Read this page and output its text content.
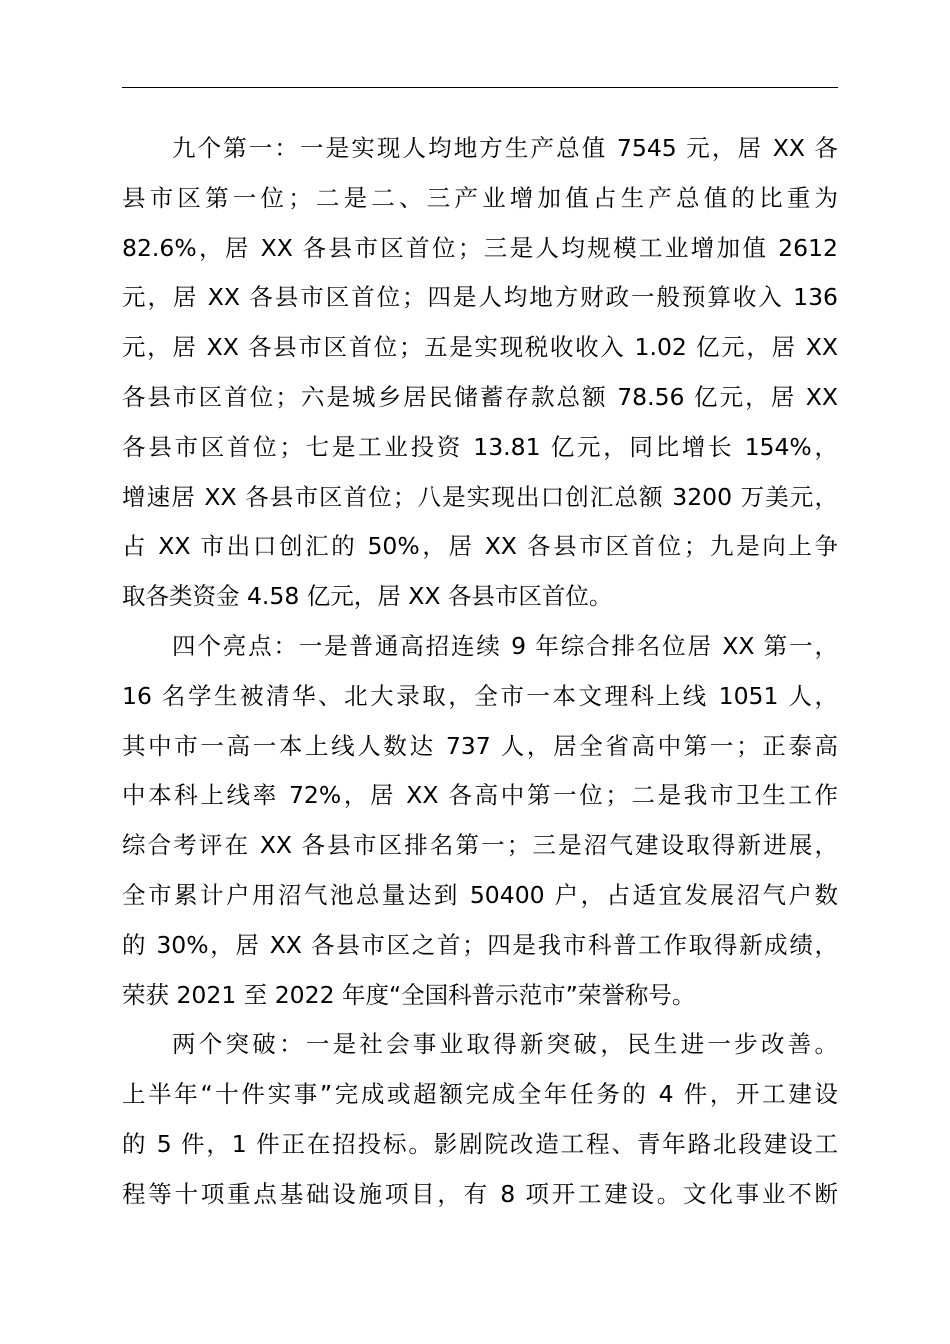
九个第一：一是实现人均地方生产总值 7545 元，居 XX 各
县市区第一位；二是二、三产业增加值占生产总值的比重为
82.6%，居 XX 各县市区首位；三是人均规模工业增加值 2612
元，居 XX 各县市区首位；四是人均地方财政一般预算收入 136
元，居 XX 各县市区首位；五是实现税收收入 1.02 亿元，居 XX
各县市区首位；六是城乡居民储蓄存款总额 78.56 亿元，居 XX
各县市区首位；七是工业投资 13.81 亿元，同比增长 154%，
增速居 XX 各县市区首位；八是实现出口创汇总额 3200 万美元，
占 XX 市出口创汇的 50%，居 XX 各县市区首位；九是向上争
取各类资金 4.58 亿元，居 XX 各县市区首位。
四个亮点：一是普通高招连续 9 年综合排名位居 XX 第一，
16 名学生被清华、北大录取，全市一本文理科上线 1051 人，
其中市一高一本上线人数达 737 人，居全省高中第一；正泰高
中本科上线率 72%，居 XX 各高中第一位；二是我市卫生工作
综合考评在 XX 各县市区排名第一；三是沼气建设取得新进展，
全市累计户用沼气池总量达到 50400 户，占适宜发展沼气户数
的 30%，居 XX 各县市区之首；四是我市科普工作取得新成绩，
荣获 2021 至 2022 年度“全国科普示范市”荣誉称号。
两个突破：一是社会事业取得新突破，民生进一步改善。
上半年“十件实事”完成或超额完成全年任务的 4 件，开工建设
的 5 件，1 件正在招投标。影剧院改造工程、青年路北段建设工
程等十项重点基础设施项目，有 8 项开工建设。文化事业不断
